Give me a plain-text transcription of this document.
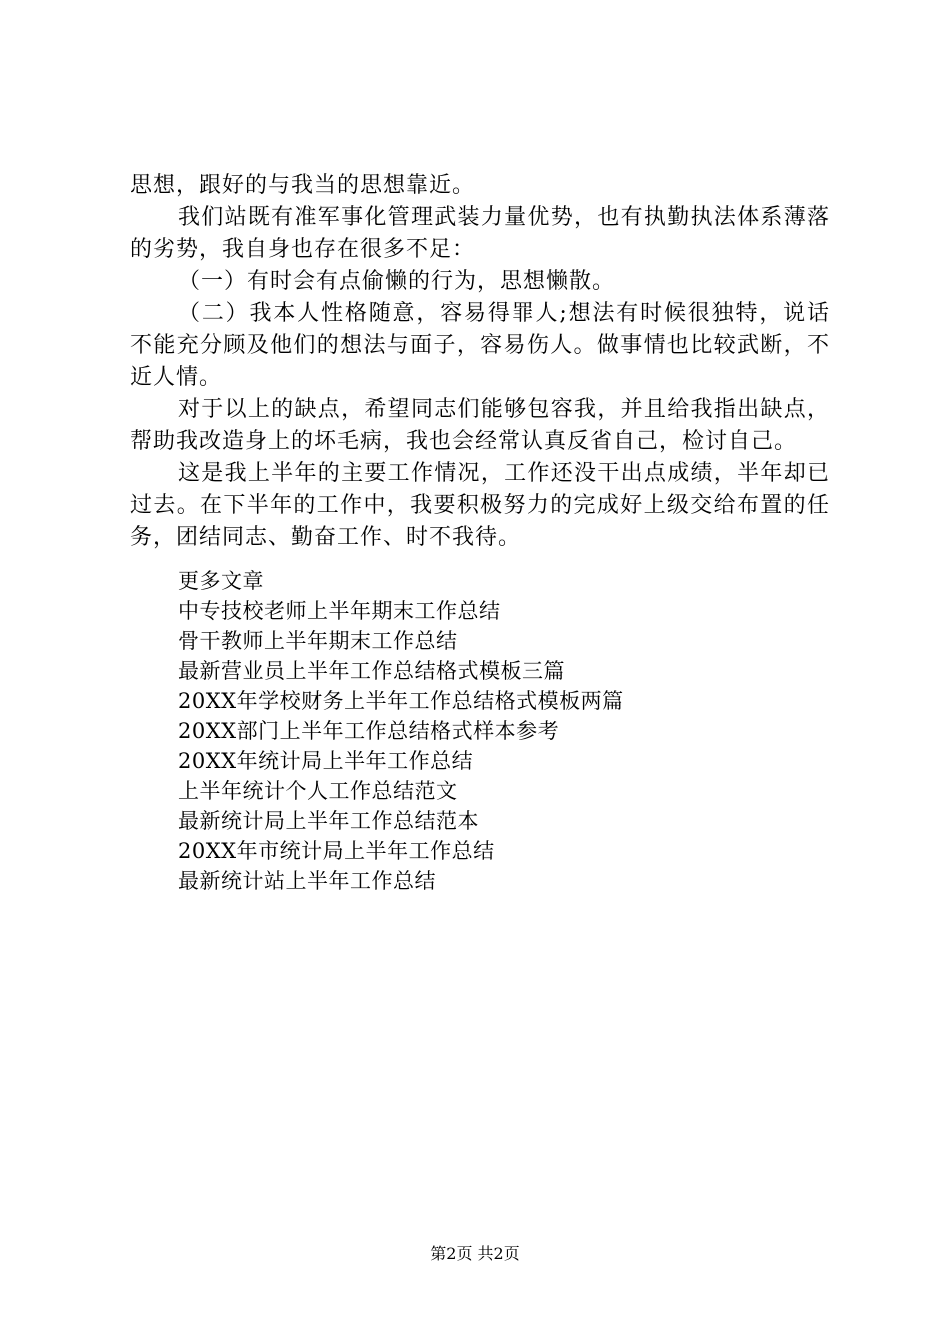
思想，跟好的与我当的思想靠近。

我们站既有准军事化管理武装力量优势，也有执勤执法体系薄落的劣势，我自身也存在很多不足：

（一）有时会有点偷懒的行为，思想懒散。

（二）我本人性格随意，容易得罪人;想法有时候很独特，说话不能充分顾及他们的想法与面子，容易伤人。做事情也比较武断，不近人情。

对于以上的缺点，希望同志们能够包容我，并且给我指出缺点，帮助我改造身上的坏毛病，我也会经常认真反省自己，检讨自己。

这是我上半年的主要工作情况，工作还没干出点成绩，半年却已过去。在下半年的工作中，我要积极努力的完成好上级交给布置的任务，团结同志、勤奋工作、时不我待。

更多文章
中专技校老师上半年期末工作总结
骨干教师上半年期末工作总结
最新营业员上半年工作总结格式模板三篇
20XX年学校财务上半年工作总结格式模板两篇
20XX部门上半年工作总结格式样本参考
20XX年统计局上半年工作总结
上半年统计个人工作总结范文
最新统计局上半年工作总结范本
20XX年市统计局上半年工作总结
最新统计站上半年工作总结
第2页 共2页
